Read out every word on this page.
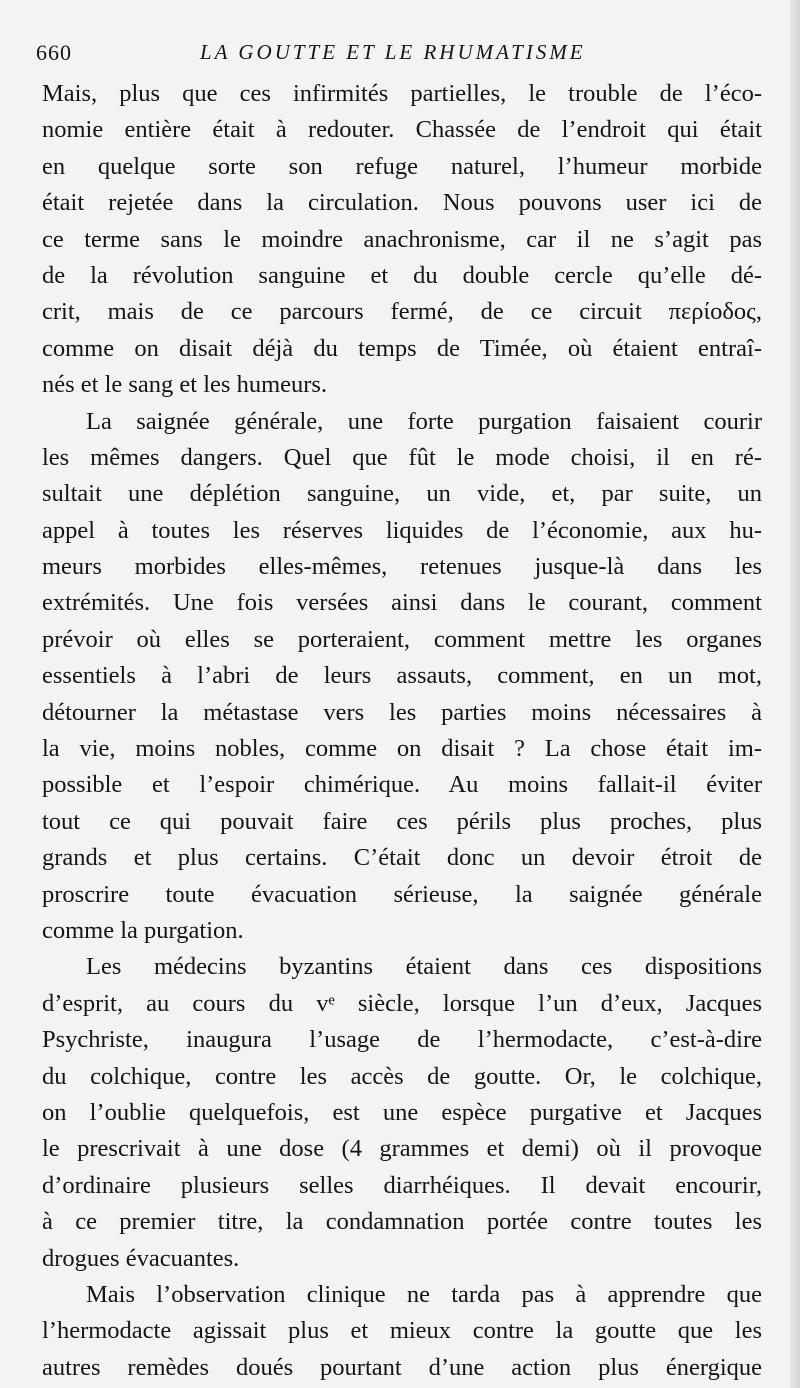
660	LA GOUTTE ET LE RHUMATISME
Mais, plus que ces infirmités partielles, le trouble de l’éco-
nomie entière était à redouter. Chassée de l’endroit qui était
en quelque sorte son refuge naturel, l’humeur morbide
était rejetée dans la circulation. Nous pouvons user ici de
ce terme sans le moindre anachronisme, car il ne s’agit pas
de la révolution sanguine et du double cercle qu’elle dé-
crit, mais de ce parcours fermé, de ce circuit περίοδος,
comme on disait déjà du temps de Timée, où étaient entraî-
nés et le sang et les humeurs.
La saignée générale, une forte purgation faisaient courir
les mêmes dangers. Quel que fût le mode choisi, il en ré-
sultait une déplétion sanguine, un vide, et, par suite, un
appel à toutes les réserves liquides de l’économie, aux hu-
meurs morbides elles-mêmes, retenues jusque-là dans les
extrémités. Une fois versées ainsi dans le courant, comment
prévoir où elles se porteraient, comment mettre les organes
essentiels à l’abri de leurs assauts, comment, en un mot,
détourner la métastase vers les parties moins nécessaires à
la vie, moins nobles, comme on disait ? La chose était im-
possible et l’espoir chimérique. Au moins fallait-il éviter
tout ce qui pouvait faire ces périls plus proches, plus
grands et plus certains. C’était donc un devoir étroit de
proscrire toute évacuation sérieuse, la saignée générale
comme la purgation.
Les médecins byzantins étaient dans ces dispositions
d’esprit, au cours du vᵉ siècle, lorsque l’un d’eux, Jacques
Psychriste, inaugura l’usage de l’hermodacte, c’est-à-dire
du colchique, contre les accès de goutte. Or, le colchique,
on l’oublie quelquefois, est une espèce purgative et Jacques
le prescrivait à une dose (4 grammes et demi) où il provoque
d’ordinaire plusieurs selles diarrhéiques. Il devait encourir,
à ce premier titre, la condamnation portée contre toutes les
drogues évacuantes.
Mais l’observation clinique ne tarda pas à apprendre que
l’hermodacte agissait plus et mieux contre la goutte que les
autres remèdes doués pourtant d’une action plus énergique
